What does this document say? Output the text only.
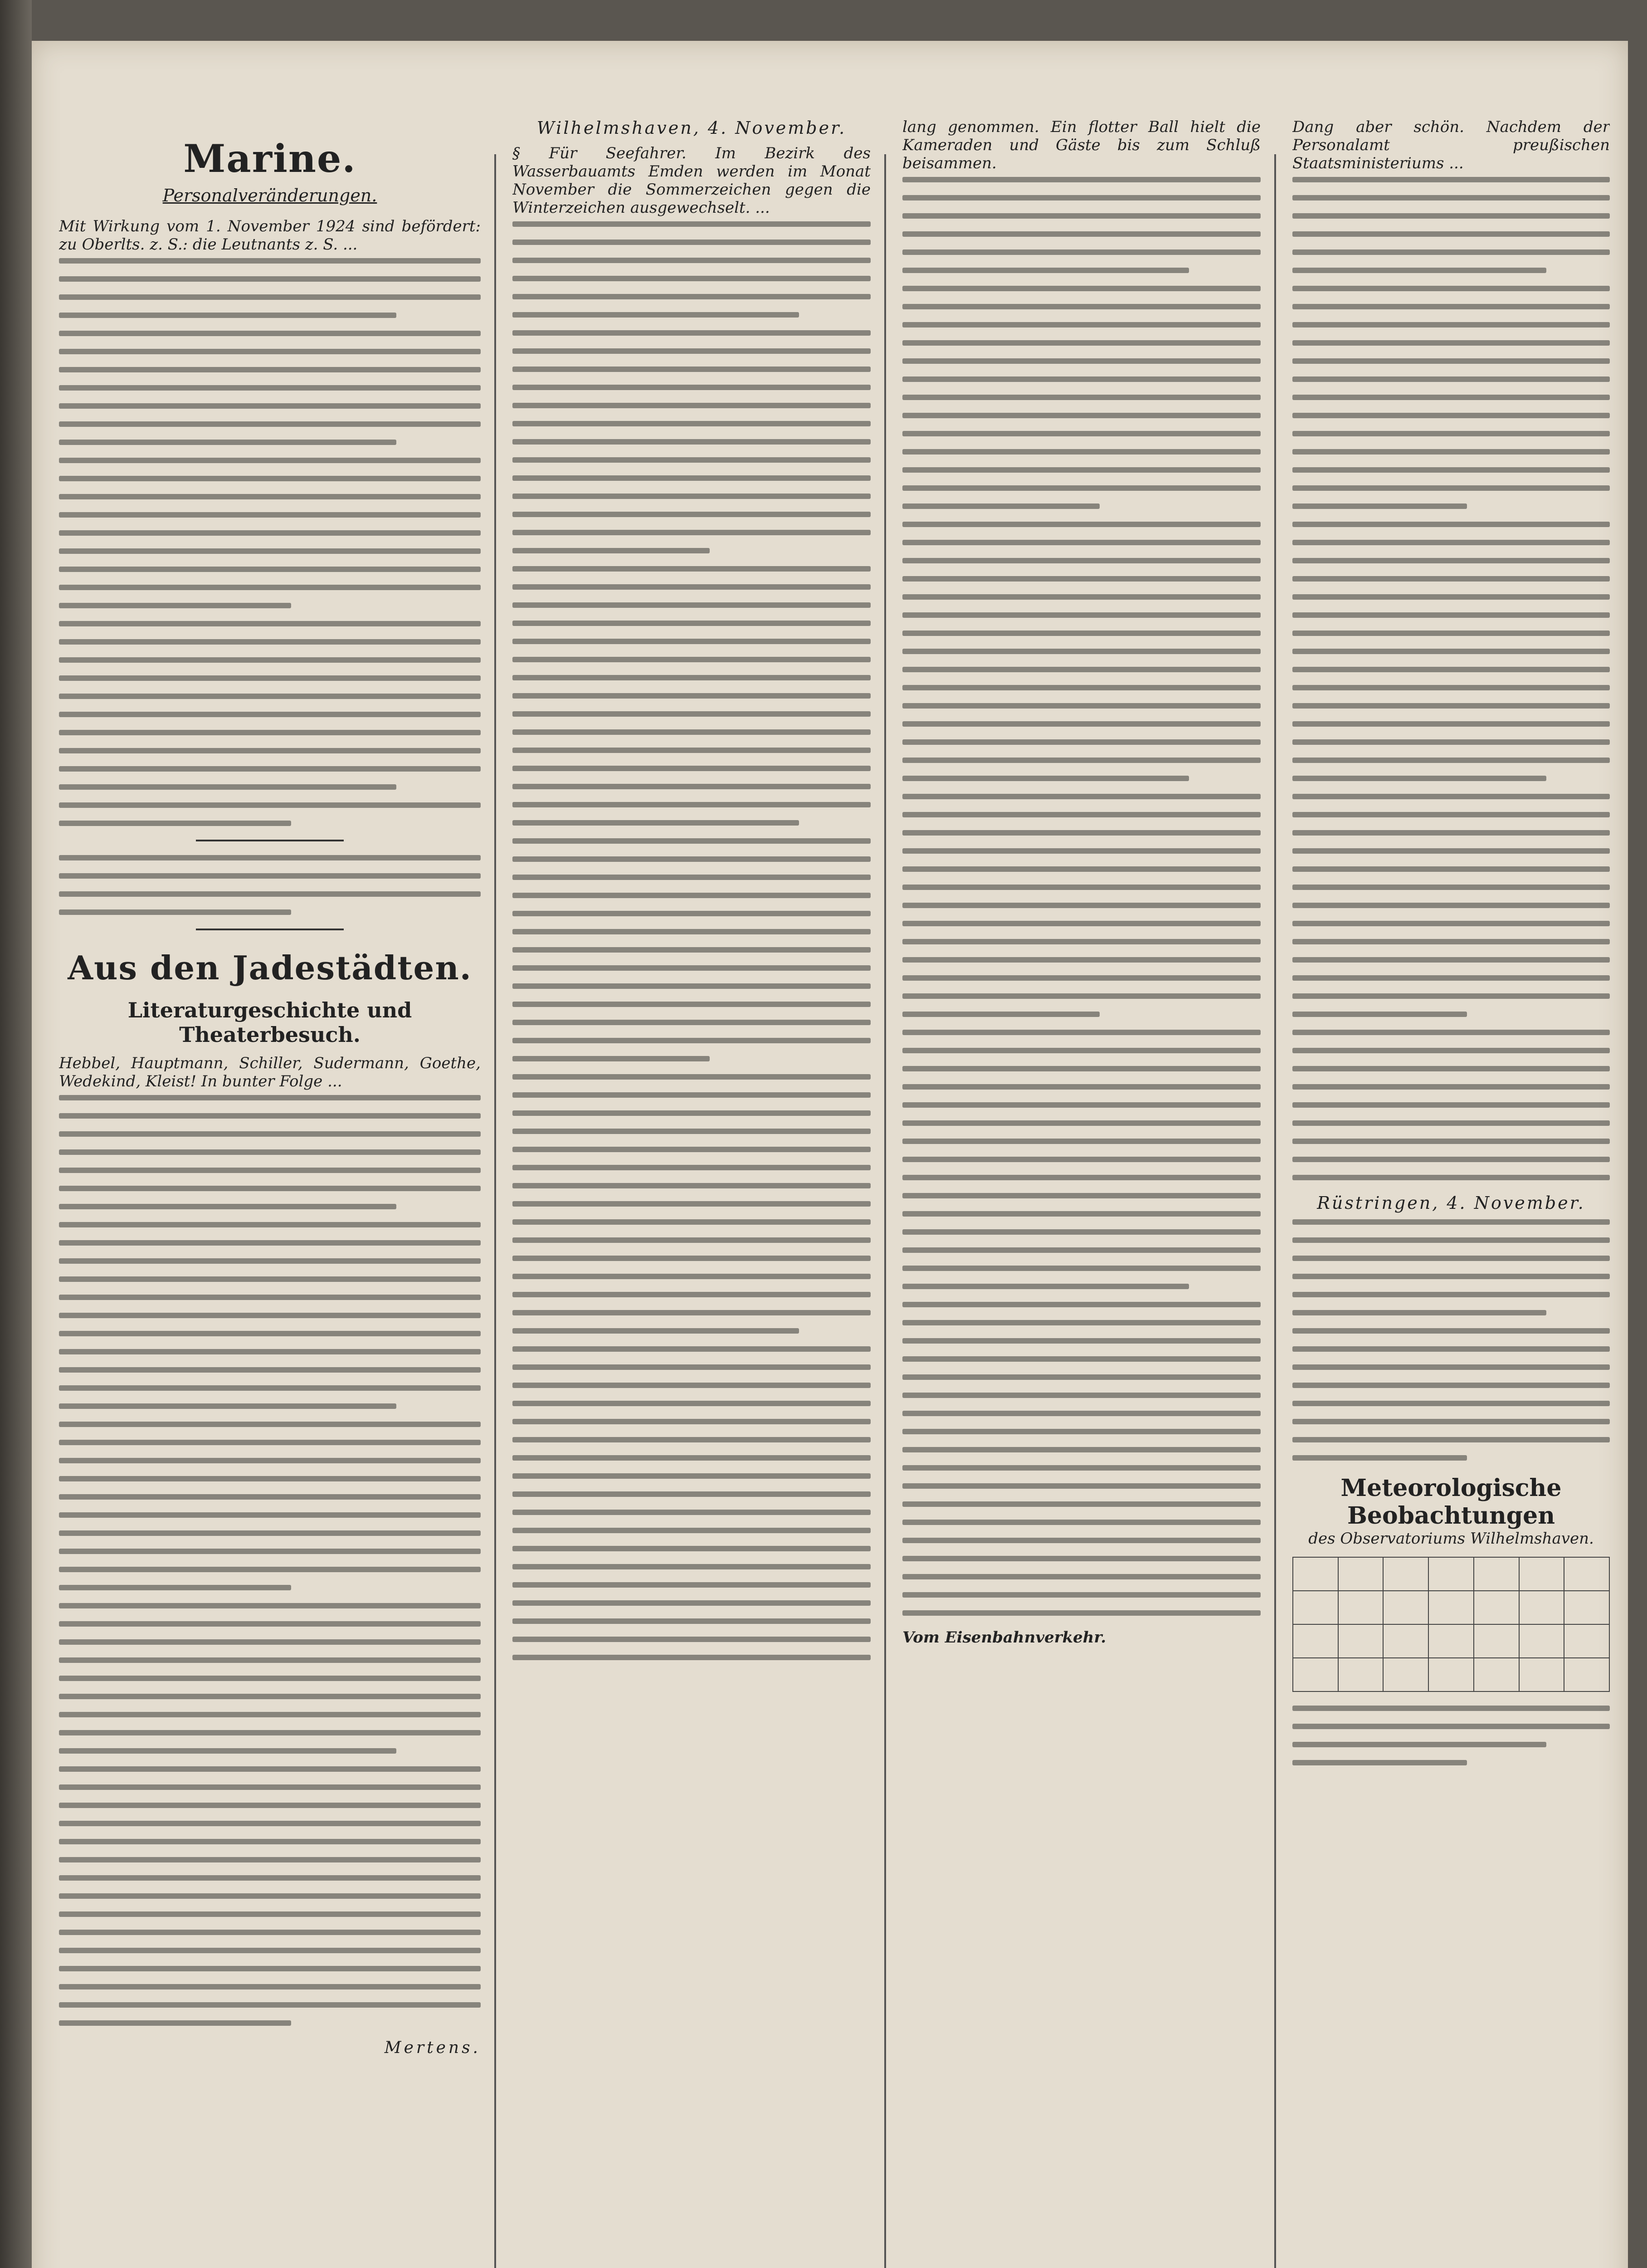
Marine.
Personalveränderungen.

Mit Wirkung vom 1. November 1924 sind befördert: zu Oberlts. z. S.: die Leutnants z. S. ...

Aus den Jadestädten.
Literaturgeschichte und Theaterbesuch.

Hebbel, Hauptmann, Schiller, Sudermann, Goethe, Wedekind, Kleist! In bunter Folge ...

Mertens.
Wilhelmshaven, 4. November.

§ Für Seefahrer. Im Bezirk des Wasserbauamts Emden werden im Monat November die Sommerzeichen gegen die Winterzeichen ausgewechselt. ...

lang genommen. Ein flotter Ball hielt die Kameraden und Gäste bis zum Schluß beisammen.

Vom Eisenbahnverkehr.

Dang aber schön. Nachdem der Personalamt preußischen Staatsministeriums ...

Rüstringen, 4. November.
Meteorologische Beobachtungen
des Observatoriums Wilhelmshaven.
